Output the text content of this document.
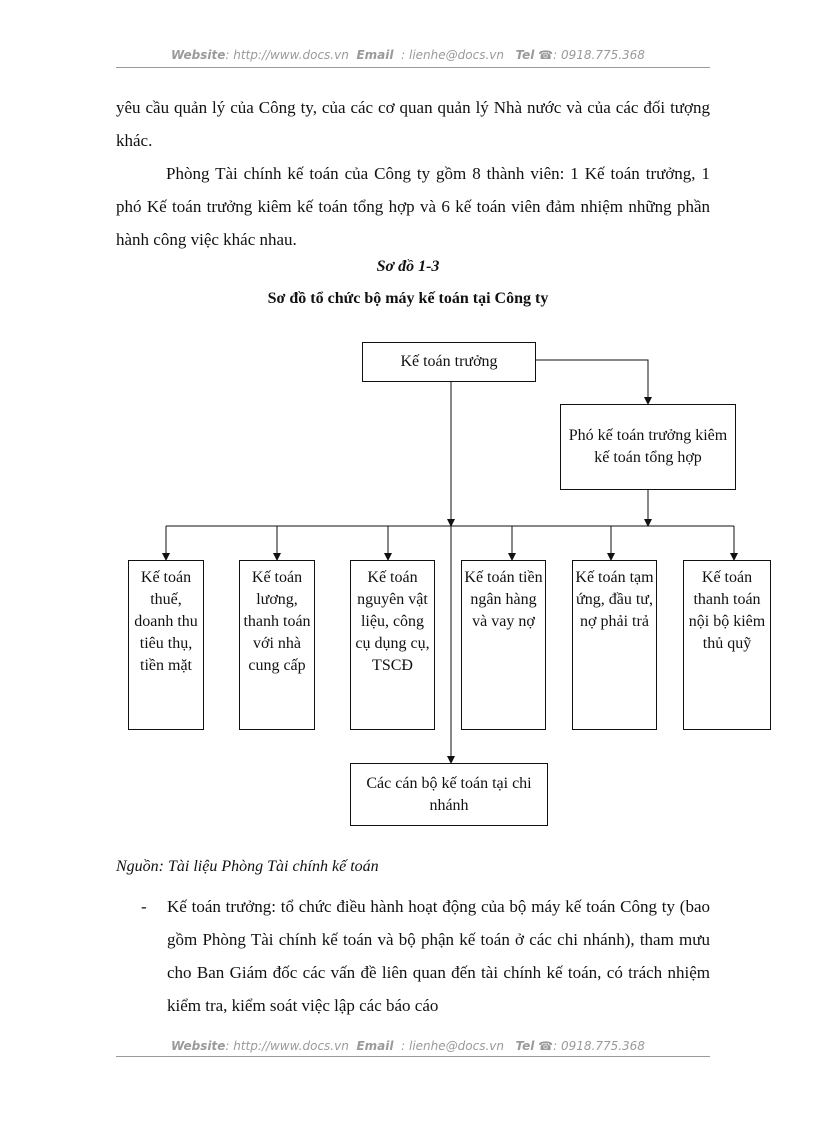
Website: http://www.docs.vn Email  : lienhe@docs.vn Tel ☎: 0918.775.368
yêu cầu quản lý của Công ty, của các cơ quan quản lý Nhà nước và của các đối tượng khác.
Phòng Tài chính kế toán của Công ty gồm 8 thành viên: 1 Kế toán trưởng, 1 phó Kế toán trưởng kiêm kế toán tổng hợp và 6 kế toán viên đảm nhiệm những phần hành công việc khác nhau.
Sơ đồ 1-3
Sơ đồ tổ chức bộ máy kế toán tại Công ty
Kế toán trưởng
Phó kế toán trưởng kiêm kế toán tổng hợp
Kế toán thuế, doanh thu tiêu thụ, tiền mặt
Kế toán lương, thanh toán với nhà cung cấp
Kế toán nguyên vật liệu, công cụ dụng cụ, TSCĐ
Kế toán tiền ngân hàng và vay nợ
Kế toán tạm ứng, đầu tư, nợ phải trả
Kế toán thanh toán nội bộ kiêm thủ quỹ
Các cán bộ kế toán tại chi nhánh
Nguồn: Tài liệu Phòng Tài chính kế toán
- Kế toán trưởng: tổ chức điều hành hoạt động của bộ máy kế toán Công ty (bao gồm Phòng Tài chính kế toán và bộ phận kế toán ở các chi nhánh), tham mưu cho Ban Giám đốc các vấn đề liên quan đến tài chính kế toán, có trách nhiệm kiểm tra, kiểm soát việc lập các báo cáo
Website: http://www.docs.vn Email  : lienhe@docs.vn Tel ☎: 0918.775.368
